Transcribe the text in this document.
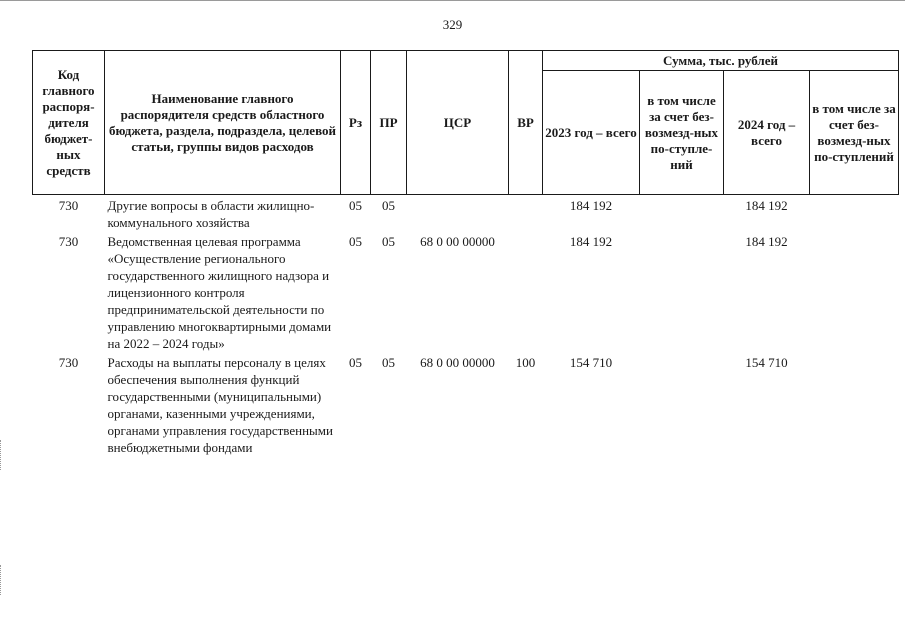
329
Код главного распоря-дителя бюджет-ных средств	Наименование главного распорядителя средств областного бюджета, раздела, подраздела, целевой статьи, группы видов расходов	Рз	ПР	ЦСР	ВР	Сумма, тыс. рублей			
						2023 год – всего	в том числе за счет без-возмезд-ных по-ступле-ний	2024 год – всего	в том числе за счет без-возмезд-ных по-ступлений
730	Другие вопросы в области жилищно-коммунального хозяйства	05	05			184 192		184 192	
730	Ведомственная целевая программа «Осуществление регионального государственного жилищного надзора и лицензионного контроля предпринимательской деятельности по управлению многоквартирными домами на 2022 – 2024 годы»	05	05	68 0 00 00000		184 192		184 192	
730	Расходы на выплаты персоналу в целях обеспечения выполнения функций государственными (муниципальными) органами, казенными учреждениями, органами управления государственными внебюджетными фондами	05	05	68 0 00 00000	100	154 710		154 710	
